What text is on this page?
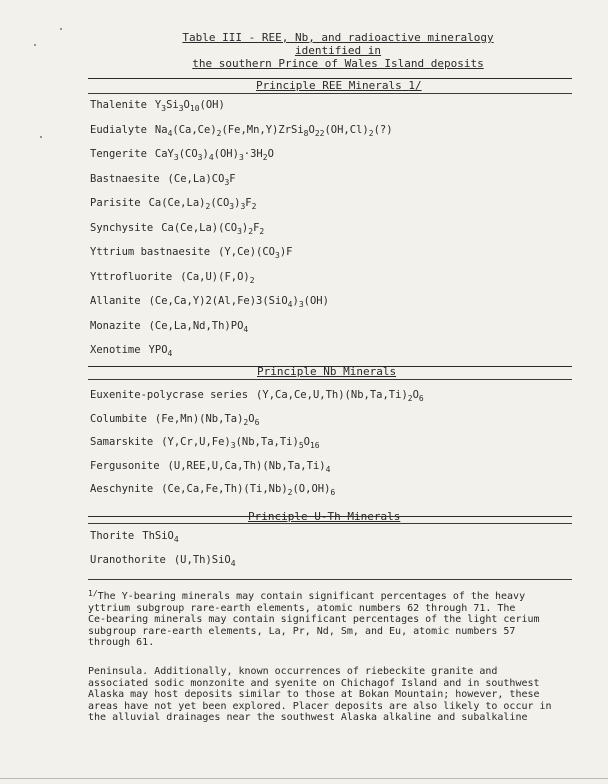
Table III - REE, Nb, and radioactive mineralogy identified in
the southern Prince of Wales Island deposits
Principle REE Minerals 1/
Thalenite $Y_3Si_3O_{10}(OH)$
Eudialyte $Na_4(Ca,Ce)_2(Fe,Mn,Y)ZrSi_8O_{22}(OH,Cl)_2(?)$
Tengerite $CaY_3(CO_3)_4(OH)_3\cdot 3H_2O$
Bastnaesite $(Ce,La)CO_3F$
Parisite $Ca(Ce,La)_2(CO_3)_3F_2$
Synchysite $Ca(Ce,La)(CO_3)_2F_2$
Yttrium bastnaesite $(Y,Ce)(CO_3)F$
Yttrofluorite $(Ca,U)(F,O)_2$
Allanite $(Ce,Ca,Y)2(Al,Fe)3(SiO_4)_3(OH)$
Monazite $(Ce,La,Nd,Th)PO_4$
Xenotime $YPO_4$
Principle Nb Minerals
Euxenite-polycrase series $(Y,Ca,Ce,U,Th)(Nb,Ta,Ti)_2O_6$
Columbite $(Fe,Mn)(Nb,Ta)_2O_6$
Samarskite $(Y,Cr,U,Fe)_3(Nb,Ta,Ti)_5O_{16}$
Fergusonite $(U,REE,U,Ca,Th)(Nb,Ta,Ti)_4$
Aeschynite $(Ce,Ca,Fe,Th)(Ti,Nb)_2(O,OH)_6$
Principle U-Th Minerals
Thorite ThSiO$_4$
Uranothorite (U,Th)SiO$_4$
$^{1/}$The Y-bearing minerals may contain significant percentages of the heavy
yttrium subgroup rare-earth elements, atomic numbers 62 through 71. The
Ce-bearing minerals may contain significant percentages of the light cerium
subgroup rare-earth elements, La, Pr, Nd, Sm, and Eu, atomic numbers 57
through 61.
Peninsula. Additionally, known occurrences of riebeckite granite and
associated sodic monzonite and syenite on Chichagof Island and in southwest
Alaska may host deposits similar to those at Bokan Mountain; however, these
areas have not yet been explored. Placer deposits are also likely to occur in
the alluvial drainages near the southwest Alaska alkaline and subalkaline
